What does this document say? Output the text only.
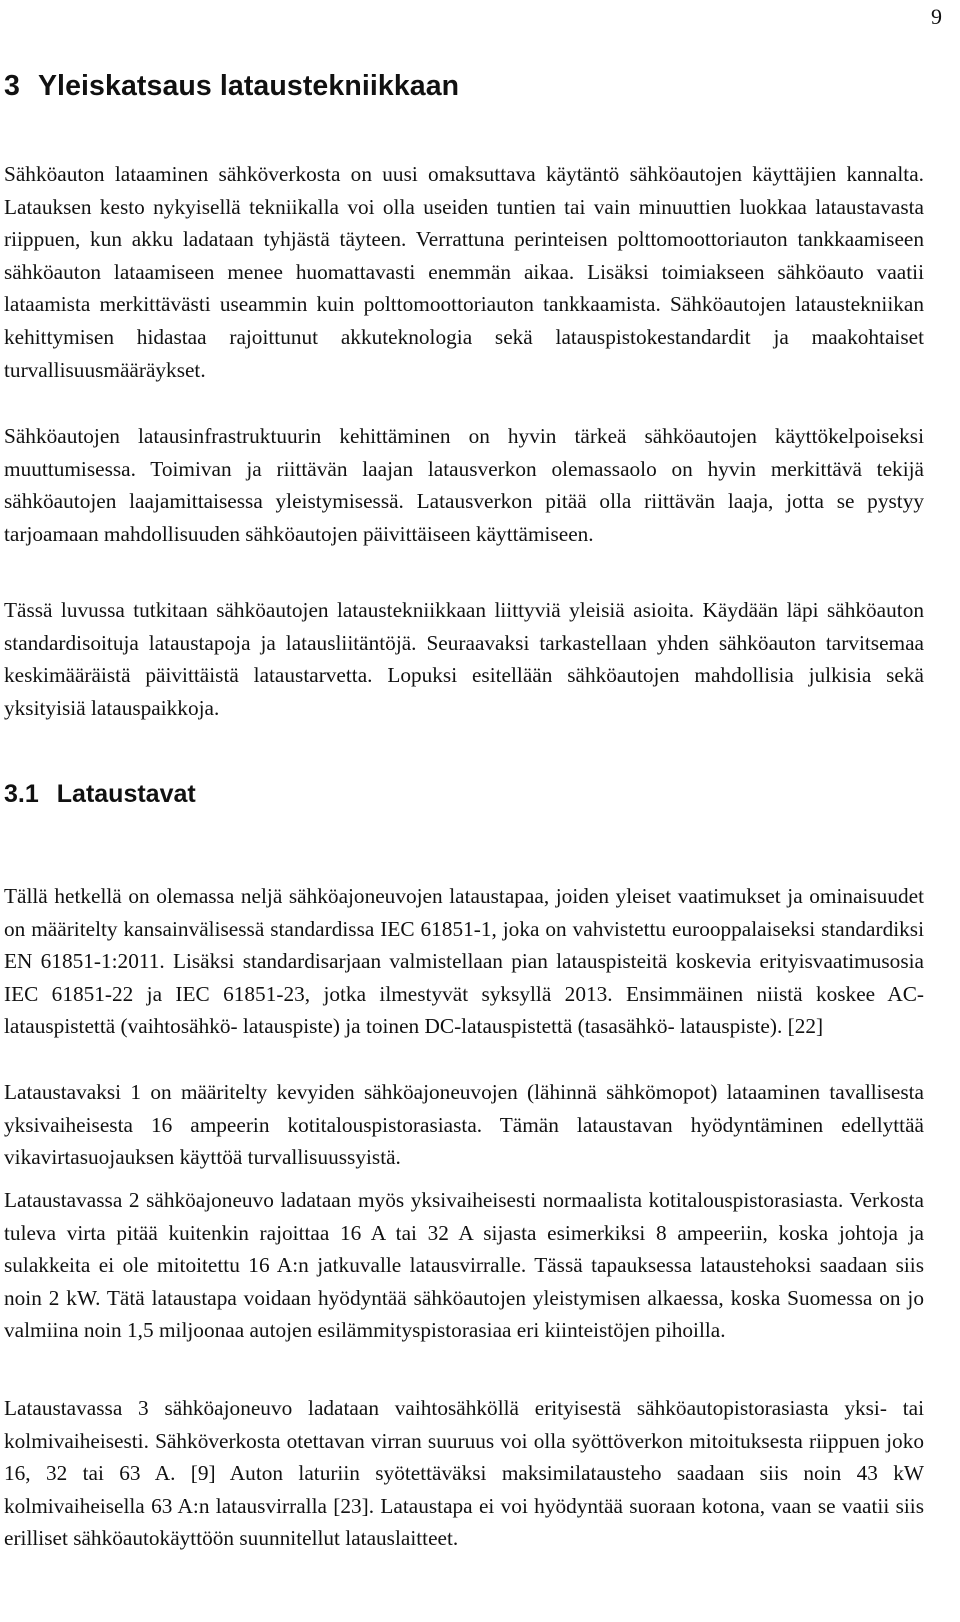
9
3 Yleiskatsaus lataustekniikkaan

Sähköauton lataaminen sähköverkosta on uusi omaksuttava käytäntö sähköautojen käyttäjien kannalta. Latauksen kesto nykyisellä tekniikalla voi olla useiden tuntien tai vain minuuttien luokkaa lataustavasta riippuen, kun akku ladataan tyhjästä täyteen. Verrattuna perinteisen polttomoottoriauton tankkaamiseen sähköauton lataamiseen menee huomattavasti enemmän aikaa. Lisäksi toimiakseen sähköauto vaatii lataamista merkittävästi useammin kuin polttomoottoriauton tankkaamista. Sähköautojen lataustekniikan kehittymisen hidastaa rajoittunut akkuteknologia sekä latauspistokestandardit ja maakohtaiset turvallisuusmääräykset.

Sähköautojen latausinfrastruktuurin kehittäminen on hyvin tärkeä sähköautojen käyttökelpoiseksi muuttumisessa. Toimivan ja riittävän laajan latausverkon olemassaolo on hyvin merkittävä tekijä sähköautojen laajamittaisessa yleistymisessä. Latausverkon pitää olla riittävän laaja, jotta se pystyy tarjoamaan mahdollisuuden sähköautojen päivittäiseen käyttämiseen.

Tässä luvussa tutkitaan sähköautojen lataustekniikkaan liittyviä yleisiä asioita. Käydään läpi sähköauton standardisoituja lataustapoja ja latausliitäntöjä. Seuraavaksi tarkastellaan yhden sähköauton tarvitsemaa keskimääräistä päivittäistä lataustarvetta. Lopuksi esitellään sähköautojen mahdollisia julkisia sekä yksityisiä latauspaikkoja.

3.1 Lataustavat

Tällä hetkellä on olemassa neljä sähköajoneuvojen lataustapaa, joiden yleiset vaatimukset ja ominaisuudet on määritelty kansainvälisessä standardissa IEC 61851-1, joka on vahvistettu eurooppalaiseksi standardiksi EN 61851-1:2011. Lisäksi standardisarjaan valmistellaan pian latauspisteitä koskevia erityisvaatimusosia IEC 61851-22 ja IEC 61851-23, jotka ilmestyvät syksyllä 2013. Ensimmäinen niistä koskee AC-latauspistettä (vaihtosähkö- latauspiste) ja toinen DC-latauspistettä (tasasähkö- latauspiste). [22]

Lataustavaksi 1 on määritelty kevyiden sähköajoneuvojen (lähinnä sähkömopot) lataaminen tavallisesta yksivaiheisesta 16 ampeerin kotitalouspistorasiasta. Tämän lataustavan hyödyntäminen edellyttää vikavirtasuojauksen käyttöä turvallisuussyistä.

Lataustavassa 2 sähköajoneuvo ladataan myös yksivaiheisesti normaalista kotitalouspistorasiasta. Verkosta tuleva virta pitää kuitenkin rajoittaa 16 A tai 32 A sijasta esimerkiksi 8 ampeeriin, koska johtoja ja sulakkeita ei ole mitoitettu 16 A:n jatkuvalle latausvirralle. Tässä tapauksessa lataustehoksi saadaan siis noin 2 kW. Tätä lataustapa voidaan hyödyntää sähköautojen yleistymisen alkaessa, koska Suomessa on jo valmiina noin 1,5 miljoonaa autojen esilämmityspistorasiaa eri kiinteistöjen pihoilla.

Lataustavassa 3 sähköajoneuvo ladataan vaihtosähköllä erityisestä sähköautopistorasiasta yksi- tai kolmivaiheisesti. Sähköverkosta otettavan virran suuruus voi olla syöttöverkon mitoituksesta riippuen joko 16, 32 tai 63 A. [9] Auton laturiin syötettäväksi maksimilatausteho saadaan siis noin 43 kW kolmivaiheisella 63 A:n latausvirralla [23]. Lataustapa ei voi hyödyntää suoraan kotona, vaan se vaatii siis erilliset sähköautokäyttöön suunnitellut latauslaitteet.
